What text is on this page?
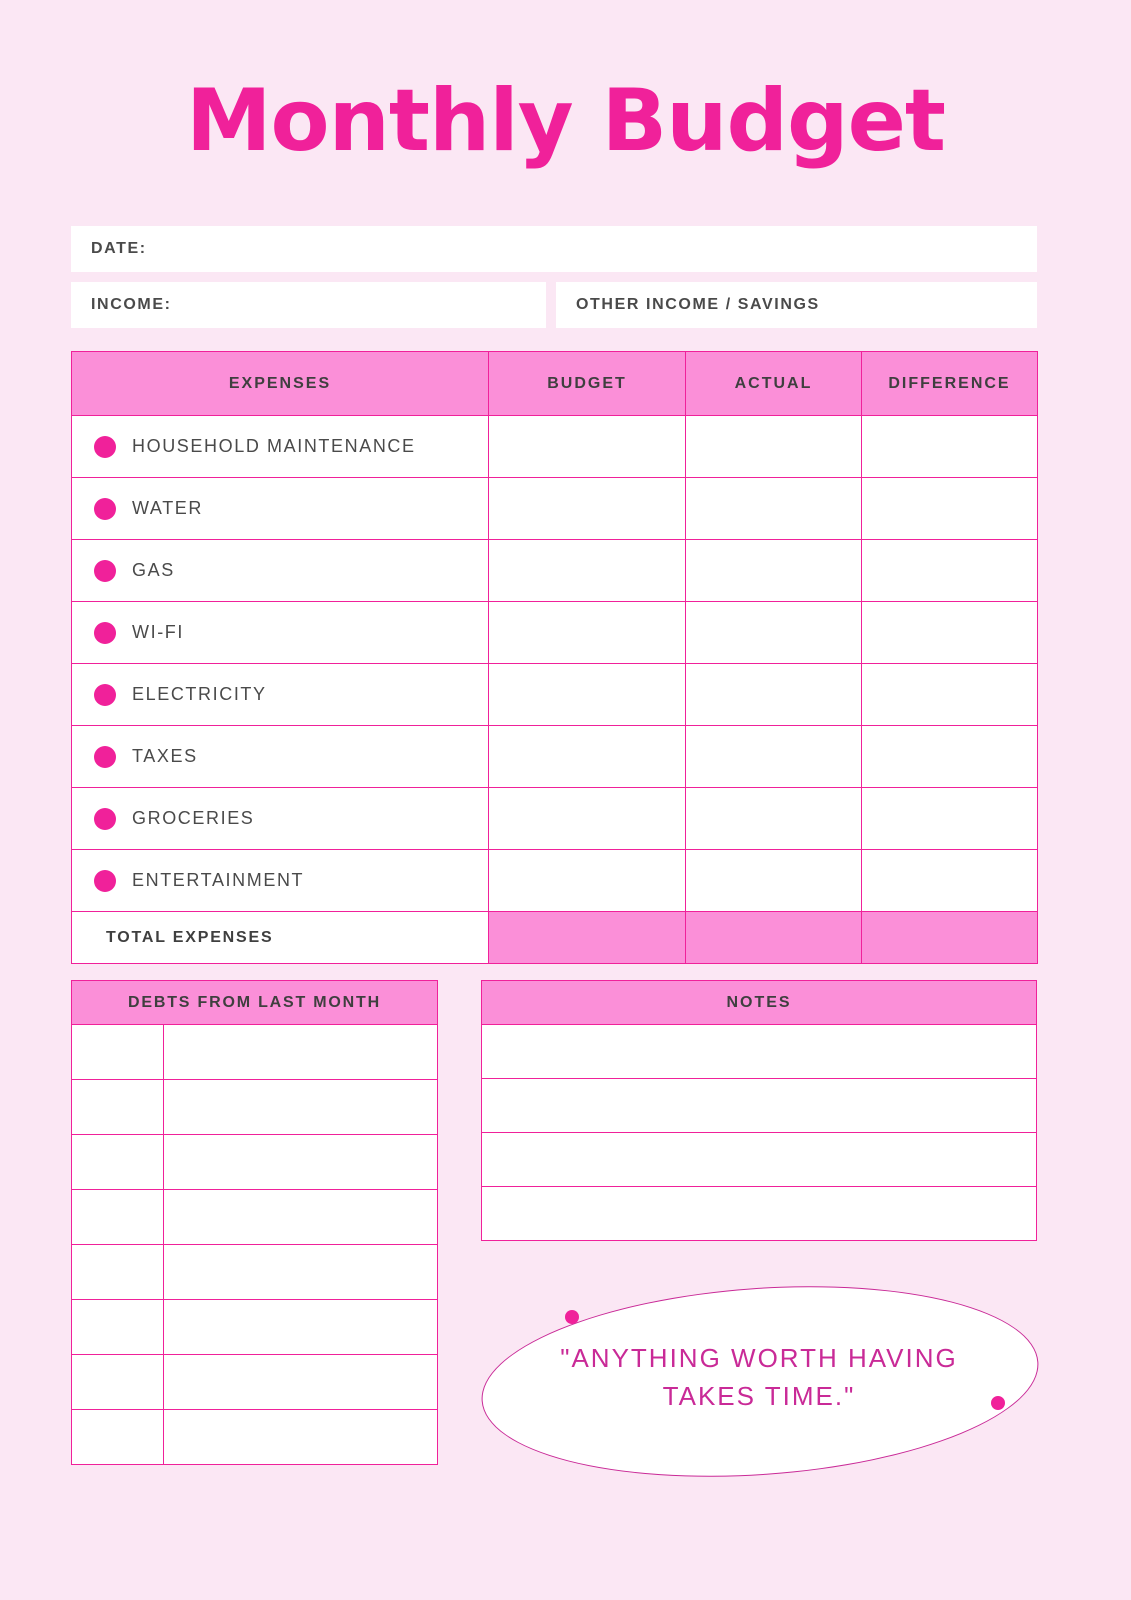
Monthly Budget
DATE:
INCOME:	OTHER INCOME / SAVINGS
EXPENSES	BUDGET	ACTUAL	DIFFERENCE

HOUSEHOLD MAINTENANCE			

WATER			

GAS			

WI-FI			

ELECTRICITY			

TAXES			

GROCERIES			

ENTERTAINMENT			

TOTAL EXPENSES			
DEBTS FROM LAST MONTH	

		NOTES

"ANYTHING WORTH HAVING TAKES TIME."
